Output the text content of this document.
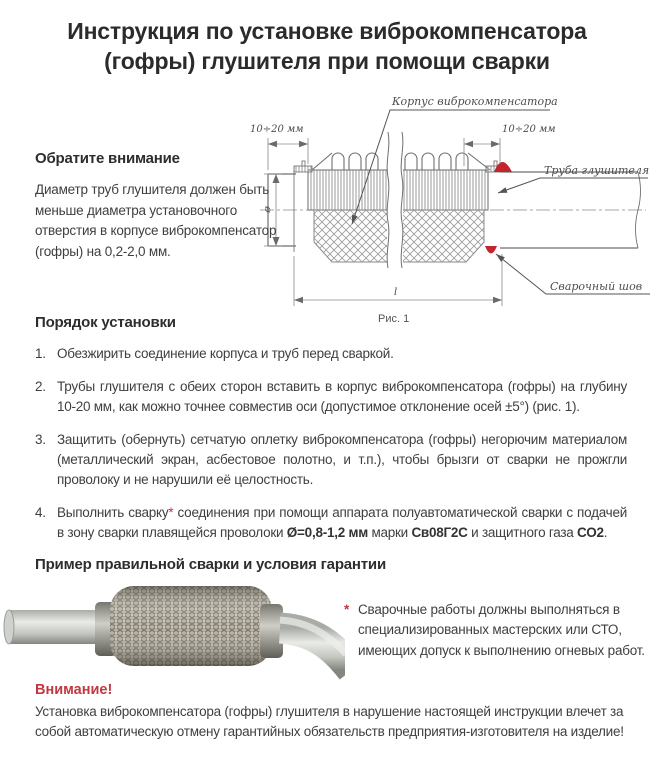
Инструкция по установке виброкомпенсатора
(гофры) глушителя при помощи сварки
10÷20 мм	10÷20 мм
ø
l
Корпус виброкомпенсатора
Труба глушителя
Сварочный шов
Рис. 1
Обратите внимание

Диаметр труб глушителя должен быть меньше диаметра установочного отверстия в корпусе виброкомпенсатор (гофры) на 0,2-2,0 мм.

Порядок установки
1. Обезжирить соединение корпуса и труб перед сваркой.
2. Трубы глушителя с обеих сторон вставить в корпус виброкомпенсатора (гофры) на глубину 10-20 мм, как можно точнее совместив оси (допустимое отклонение осей ±5°) (рис. 1).
3. Защитить (обернуть) сетчатую оплетку виброкомпенсатора (гофры) негорючим материалом (металлический экран, асбестовое полотно, и т.п.), чтобы брызги от сварки не прожгли проволоку и не нарушили её целостность.
4. Выполнить сварку* соединения при помощи аппарата полуавтоматической сварки с подачей в зону сварки плавящейся проволоки Ø=0,8-1,2 мм марки Св08Г2С и защитного газа СО2.
Пример правильной сварки и условия гарантии
* Сварочные работы должны выполняться в специализированных мастерских или СТО, имеющих допуск к выполнению огневых работ.
Внимание!

Установка виброкомпенсатора (гофры) глушителя в нарушение настоящей инструкции влечет за собой автоматическую отмену гарантийных обязательств предприятия-изготовителя на изделие!
